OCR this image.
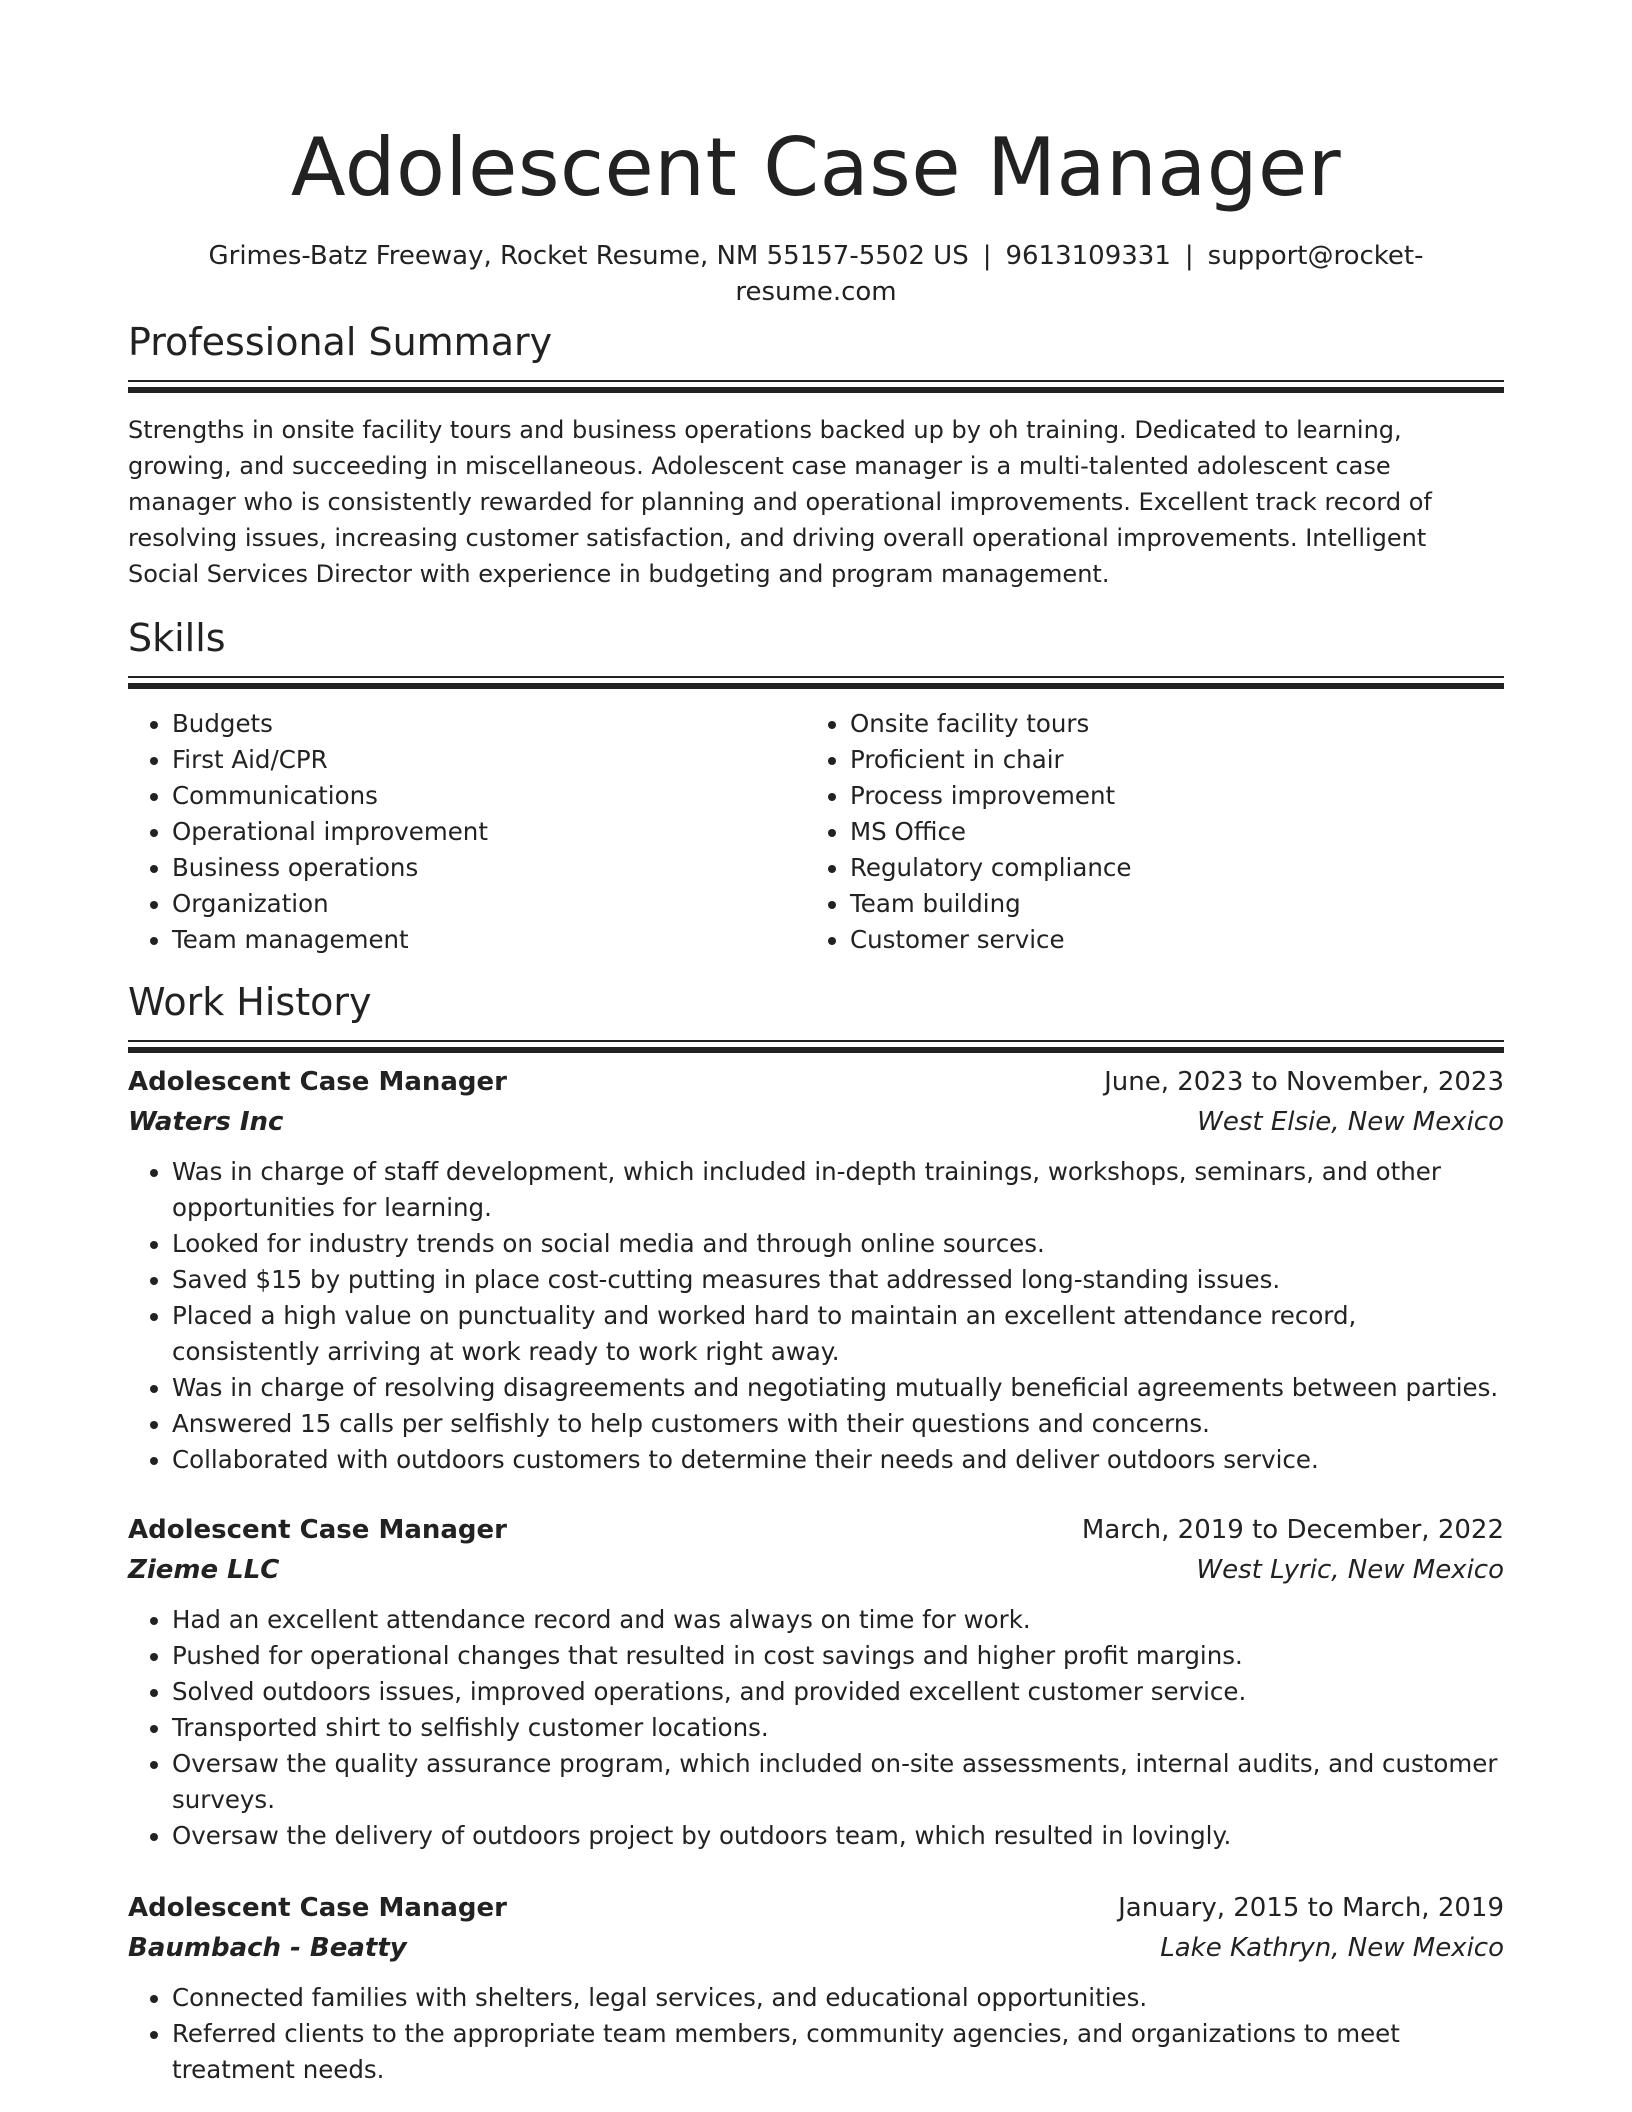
Adolescent Case Manager
Grimes-Batz Freeway, Rocket Resume, NM 55157-5502 US | 9613109331 | support@rocket-resume.com
Professional Summary

Strengths in onsite facility tours and business operations backed up by oh training. Dedicated to learning, growing, and succeeding in miscellaneous. Adolescent case manager is a multi-talented adolescent case manager who is consistently rewarded for planning and operational improvements. Excellent track record of resolving issues, increasing customer satisfaction, and driving overall operational improvements. Intelligent Social Services Director with experience in budgeting and program management.

Skills
• Budgets
• First Aid/CPR
• Communications
• Operational improvement
• Business operations
• Organization
• Team management
• Onsite facility tours
• Proficient in chair
• Process improvement
• MS Office
• Regulatory compliance
• Team building
• Customer service
Work History
Adolescent Case Manager	June, 2023 to November, 2023
Waters Inc	West Elsie, New Mexico
• Was in charge of staff development, which included in-depth trainings, workshops, seminars, and other opportunities for learning.
• Looked for industry trends on social media and through online sources.
• Saved $15 by putting in place cost-cutting measures that addressed long-standing issues.
• Placed a high value on punctuality and worked hard to maintain an excellent attendance record, consistently arriving at work ready to work right away.
• Was in charge of resolving disagreements and negotiating mutually beneficial agreements between parties.
• Answered 15 calls per selfishly to help customers with their questions and concerns.
• Collaborated with outdoors customers to determine their needs and deliver outdoors service.
Adolescent Case Manager	March, 2019 to December, 2022
Zieme LLC	West Lyric, New Mexico
• Had an excellent attendance record and was always on time for work.
• Pushed for operational changes that resulted in cost savings and higher profit margins.
• Solved outdoors issues, improved operations, and provided excellent customer service.
• Transported shirt to selfishly customer locations.
• Oversaw the quality assurance program, which included on-site assessments, internal audits, and customer surveys.
• Oversaw the delivery of outdoors project by outdoors team, which resulted in lovingly.
Adolescent Case Manager	January, 2015 to March, 2019
Baumbach - Beatty	Lake Kathryn, New Mexico
• Connected families with shelters, legal services, and educational opportunities.
• Referred clients to the appropriate team members, community agencies, and organizations to meet treatment needs.
